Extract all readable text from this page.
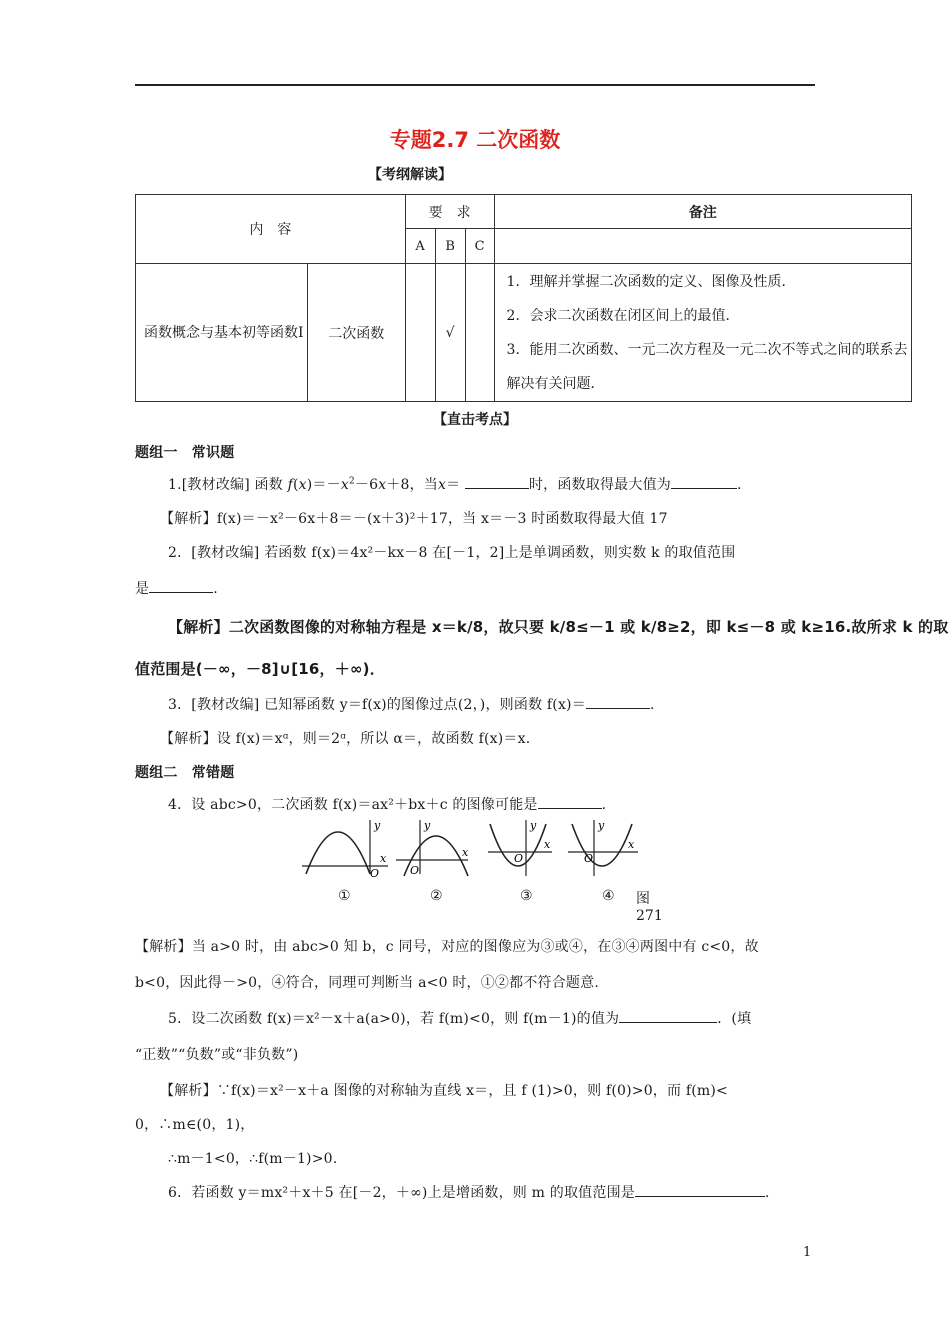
专题2.7 二次函数
【考纲解读】
内　容		要　求			备注
		A	B	C	
函数概念与基本初等函数Ⅰ	二次函数		√		1．理解并掌握二次函数的定义、图像及性质．
2．会求二次函数在闭区间上的最值．
3．能用二次函数、一元二次方程及一元二次不等式之间的联系去解决有关问题．
【直击考点】
题组一　常识题
1.[教材改编] 函数 $f(x)=-x^2-6x+8$，当x＝	时，函数取得最大值为	.
【解析】f(x)＝－x²－6x＋8＝－(x＋3)²＋17，当 x＝－3 时函数取得最大值 17
2．[教材改编] 若函数 f(x)＝4x²－kx－8 在[－1，2]上是单调函数，则实数 k 的取值范围
是	.
【解析】二次函数图像的对称轴方程是 x＝k/8，故只要 k/8≤－1 或 k/8≥2，即 k≤－8 或 k≥16.故所求 k 的取
值范围是(－∞，－8]∪[16，＋∞)．
3．[教材改编] 已知幂函数 y＝f(x)的图像过点(2，)，则函数 f(x)＝	.
【解析】设 f(x)＝xᵅ，则＝2ᵅ，所以 α＝，故函数 f(x)＝x.
题组二　常错题
4．设 abc>0，二次函数 f(x)＝ax²＋bx＋c 的图像可能是	.
y
x
O
y
x
O
y
x
O
y
x
O
①	②	③	④ 图 271
【解析】当 a>0 时，由 abc>0 知 b，c 同号，对应的图像应为③或④，在③④两图中有 c<0，故
b<0，因此得－>0，④符合，同理可判断当 a<0 时，①②都不符合题意.
5．设二次函数 f(x)＝x²－x＋a(a>0)，若 f(m)<0，则 f(m－1)的值为	．(填
“正数”“负数”或“非负数”)
【解析】∵f(x)＝x²－x＋a 图像的对称轴为直线 x＝，且 f (1)>0，则 f(0)>0，而 f(m)<
0，∴m∈(0，1)，
∴m－1<0，∴f(m－1)>0.
6．若函数 y＝mx²＋x＋5 在[－2，＋∞)上是增函数，则 m 的取值范围是	.
1
